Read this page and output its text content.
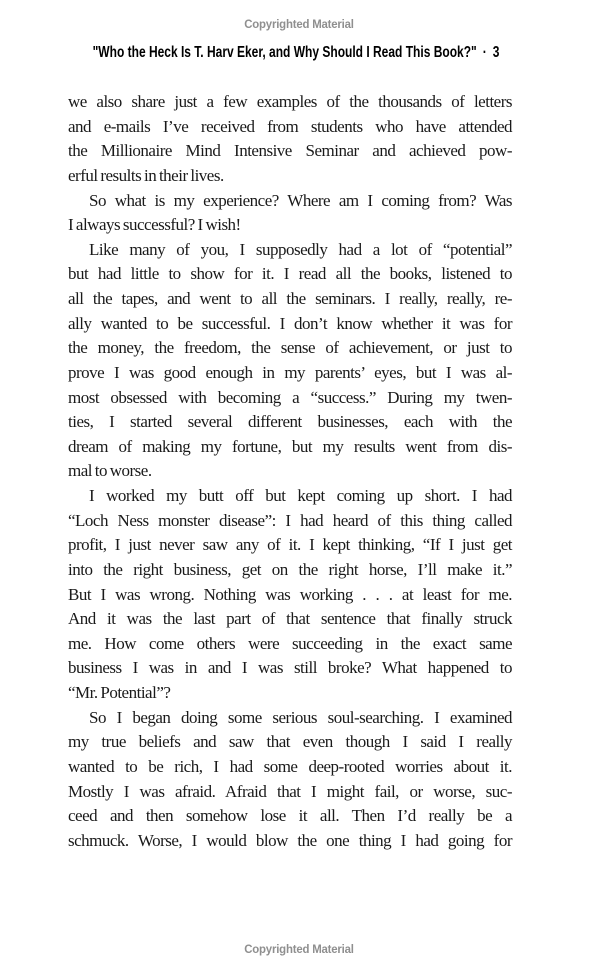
Copyrighted Material
"Who the Heck Is T. Harv Eker, and Why Should I Read This Book?" · 3
we also share just a few examples of the thousands of letters
and e-mails I’ve received from students who have attended
the Millionaire Mind Intensive Seminar and achieved pow-
erful results in their lives.
So what is my experience? Where am I coming from? Was
I always successful? I wish!
Like many of you, I supposedly had a lot of “potential”
but had little to show for it. I read all the books, listened to
all the tapes, and went to all the seminars. I really, really, re-
ally wanted to be successful. I don’t know whether it was for
the money, the freedom, the sense of achievement, or just to
prove I was good enough in my parents’ eyes, but I was al-
most obsessed with becoming a “success.” During my twen-
ties, I started several different businesses, each with the
dream of making my fortune, but my results went from dis-
mal to worse.
I worked my butt off but kept coming up short. I had
“Loch Ness monster disease”: I had heard of this thing called
profit, I just never saw any of it. I kept thinking, “If I just get
into the right business, get on the right horse, I’ll make it.”
But I was wrong. Nothing was working . . . at least for me.
And it was the last part of that sentence that finally struck
me. How come others were succeeding in the exact same
business I was in and I was still broke? What happened to
“Mr. Potential”?
So I began doing some serious soul-searching. I examined
my true beliefs and saw that even though I said I really
wanted to be rich, I had some deep-rooted worries about it.
Mostly I was afraid. Afraid that I might fail, or worse, suc-
ceed and then somehow lose it all. Then I’d really be a
schmuck. Worse, I would blow the one thing I had going for
Copyrighted Material
